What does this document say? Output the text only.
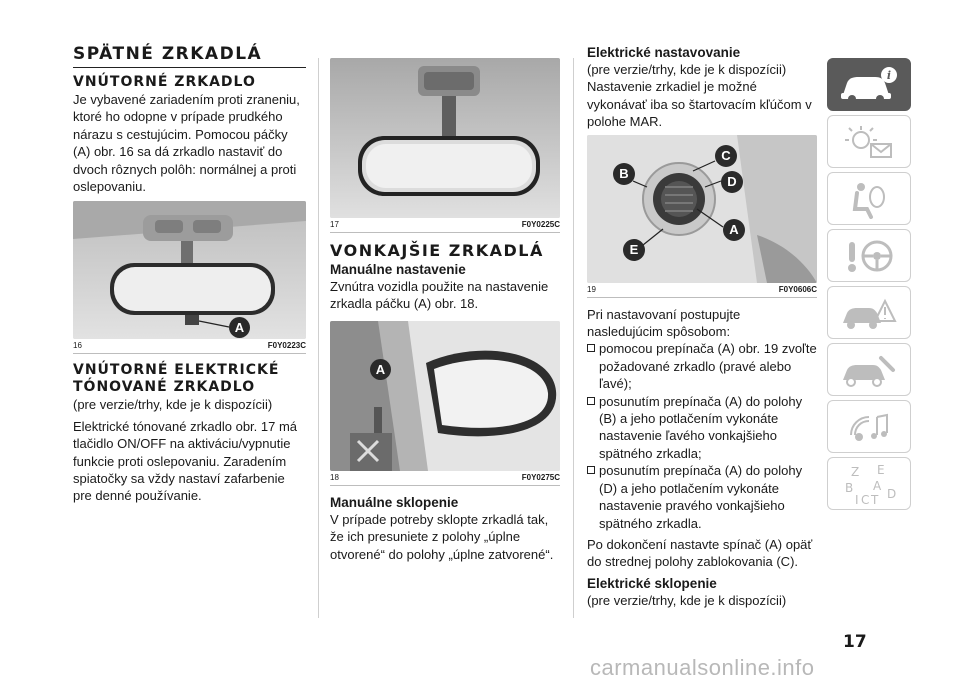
SPÄTNÉ ZRKADLÁ
VNÚTORNÉ ZRKADLO

Je vybavené zariadením proti zraneniu, ktoré ho odopne v prípade prudkého nárazu s cestujúcim. Pomocou páčky (A) obr. 16 sa dá zrkadlo nastaviť do dvoch rôznych polôh: normálnej a proti oslepovaniu.

A
16	F0Y0223C
VNÚTORNÉ ELEKTRICKÉ TÓNOVANÉ ZRKADLO

(pre verzie/trhy, kde je k dispozícii)

Elektrické tónované zrkadlo obr. 17 má tlačidlo ON/OFF na aktiváciu/vypnutie funkcie proti oslepovaniu. Zaradením spiatočky sa vždy nastaví zafarbenie pre denné používanie.

17	F0Y0225C
VONKAJŠIE ZRKADLÁ
Manuálne nastavenie

Zvnútra vozidla použite na nastavenie zrkadla páčku (A) obr. 18.

A
18	F0Y0275C
Manuálne sklopenie

V prípade potreby sklopte zrkadlá tak, že ich presuniete z polohy „úplne otvorené“ do polohy „úplne zatvorené“.

Elektrické nastavovanie

(pre verzie/trhy, kde je k dispozícii)

Nastavenie zrkadiel je možné vykonávať iba so štartovacím kľúčom v polohe MAR.

B
C
D
A
E
19	F0Y0606C

Pri nastavovaní postupujte nasledujúcim spôsobom:

pomocou prepínača (A) obr. 19 zvoľte požadované zrkadlo (pravé alebo ľavé);

posunutím prepínača (A) do polohy (B) a jeho potlačením vykonáte nastavenie ľavého vonkajšieho spätného zrkadla;

posunutím prepínača (A) do polohy (D) a jeho potlačením vykonáte nastavenie pravého vonkajšieho spätného zrkadla.

Po dokončení nastavte spínač (A) opäť do strednej polohy zablokovania (C).

Elektrické sklopenie

(pre verzie/trhy, kde je k dispozícii)

i
Z E
B A
D
I C T
17
carmanualsonline.info
